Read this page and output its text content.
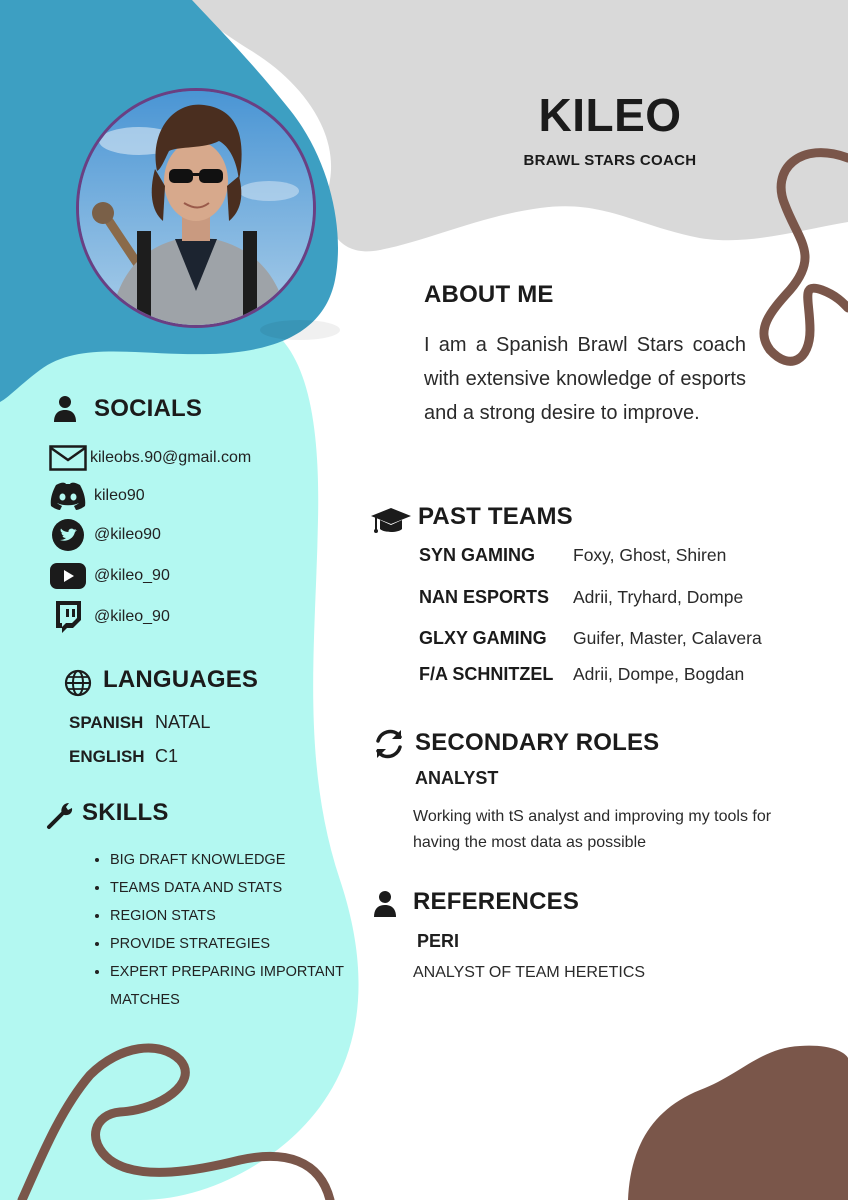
KILEO
BRAWL STARS COACH
ABOUT ME
I am a Spanish Brawl Stars coach with extensive knowledge of esports and a strong desire to improve.
SOCIALS
kileobs.90@gmail.com
kileo90
@kileo90
@kileo_90
@kileo_90
LANGUAGES
SPANISH NATAL
ENGLISH C1
SKILLS
• BIG DRAFT KNOWLEDGE
• TEAMS DATA AND STATS
• REGION STATS
• PROVIDE STRATEGIES
• EXPERT PREPARING IMPORTANT MATCHES
PAST TEAMS
SYN GAMING	Foxy, Ghost, Shiren
NAN ESPORTS	Adrii, Tryhard, Dompe
GLXY GAMING	Guifer, Master, Calavera
F/A SCHNITZEL	Adrii, Dompe, Bogdan
SECONDARY ROLES
ANALYST
Working with tS analyst and improving my tools for having the most data as possible
REFERENCES
PERI
ANALYST OF TEAM HERETICS
